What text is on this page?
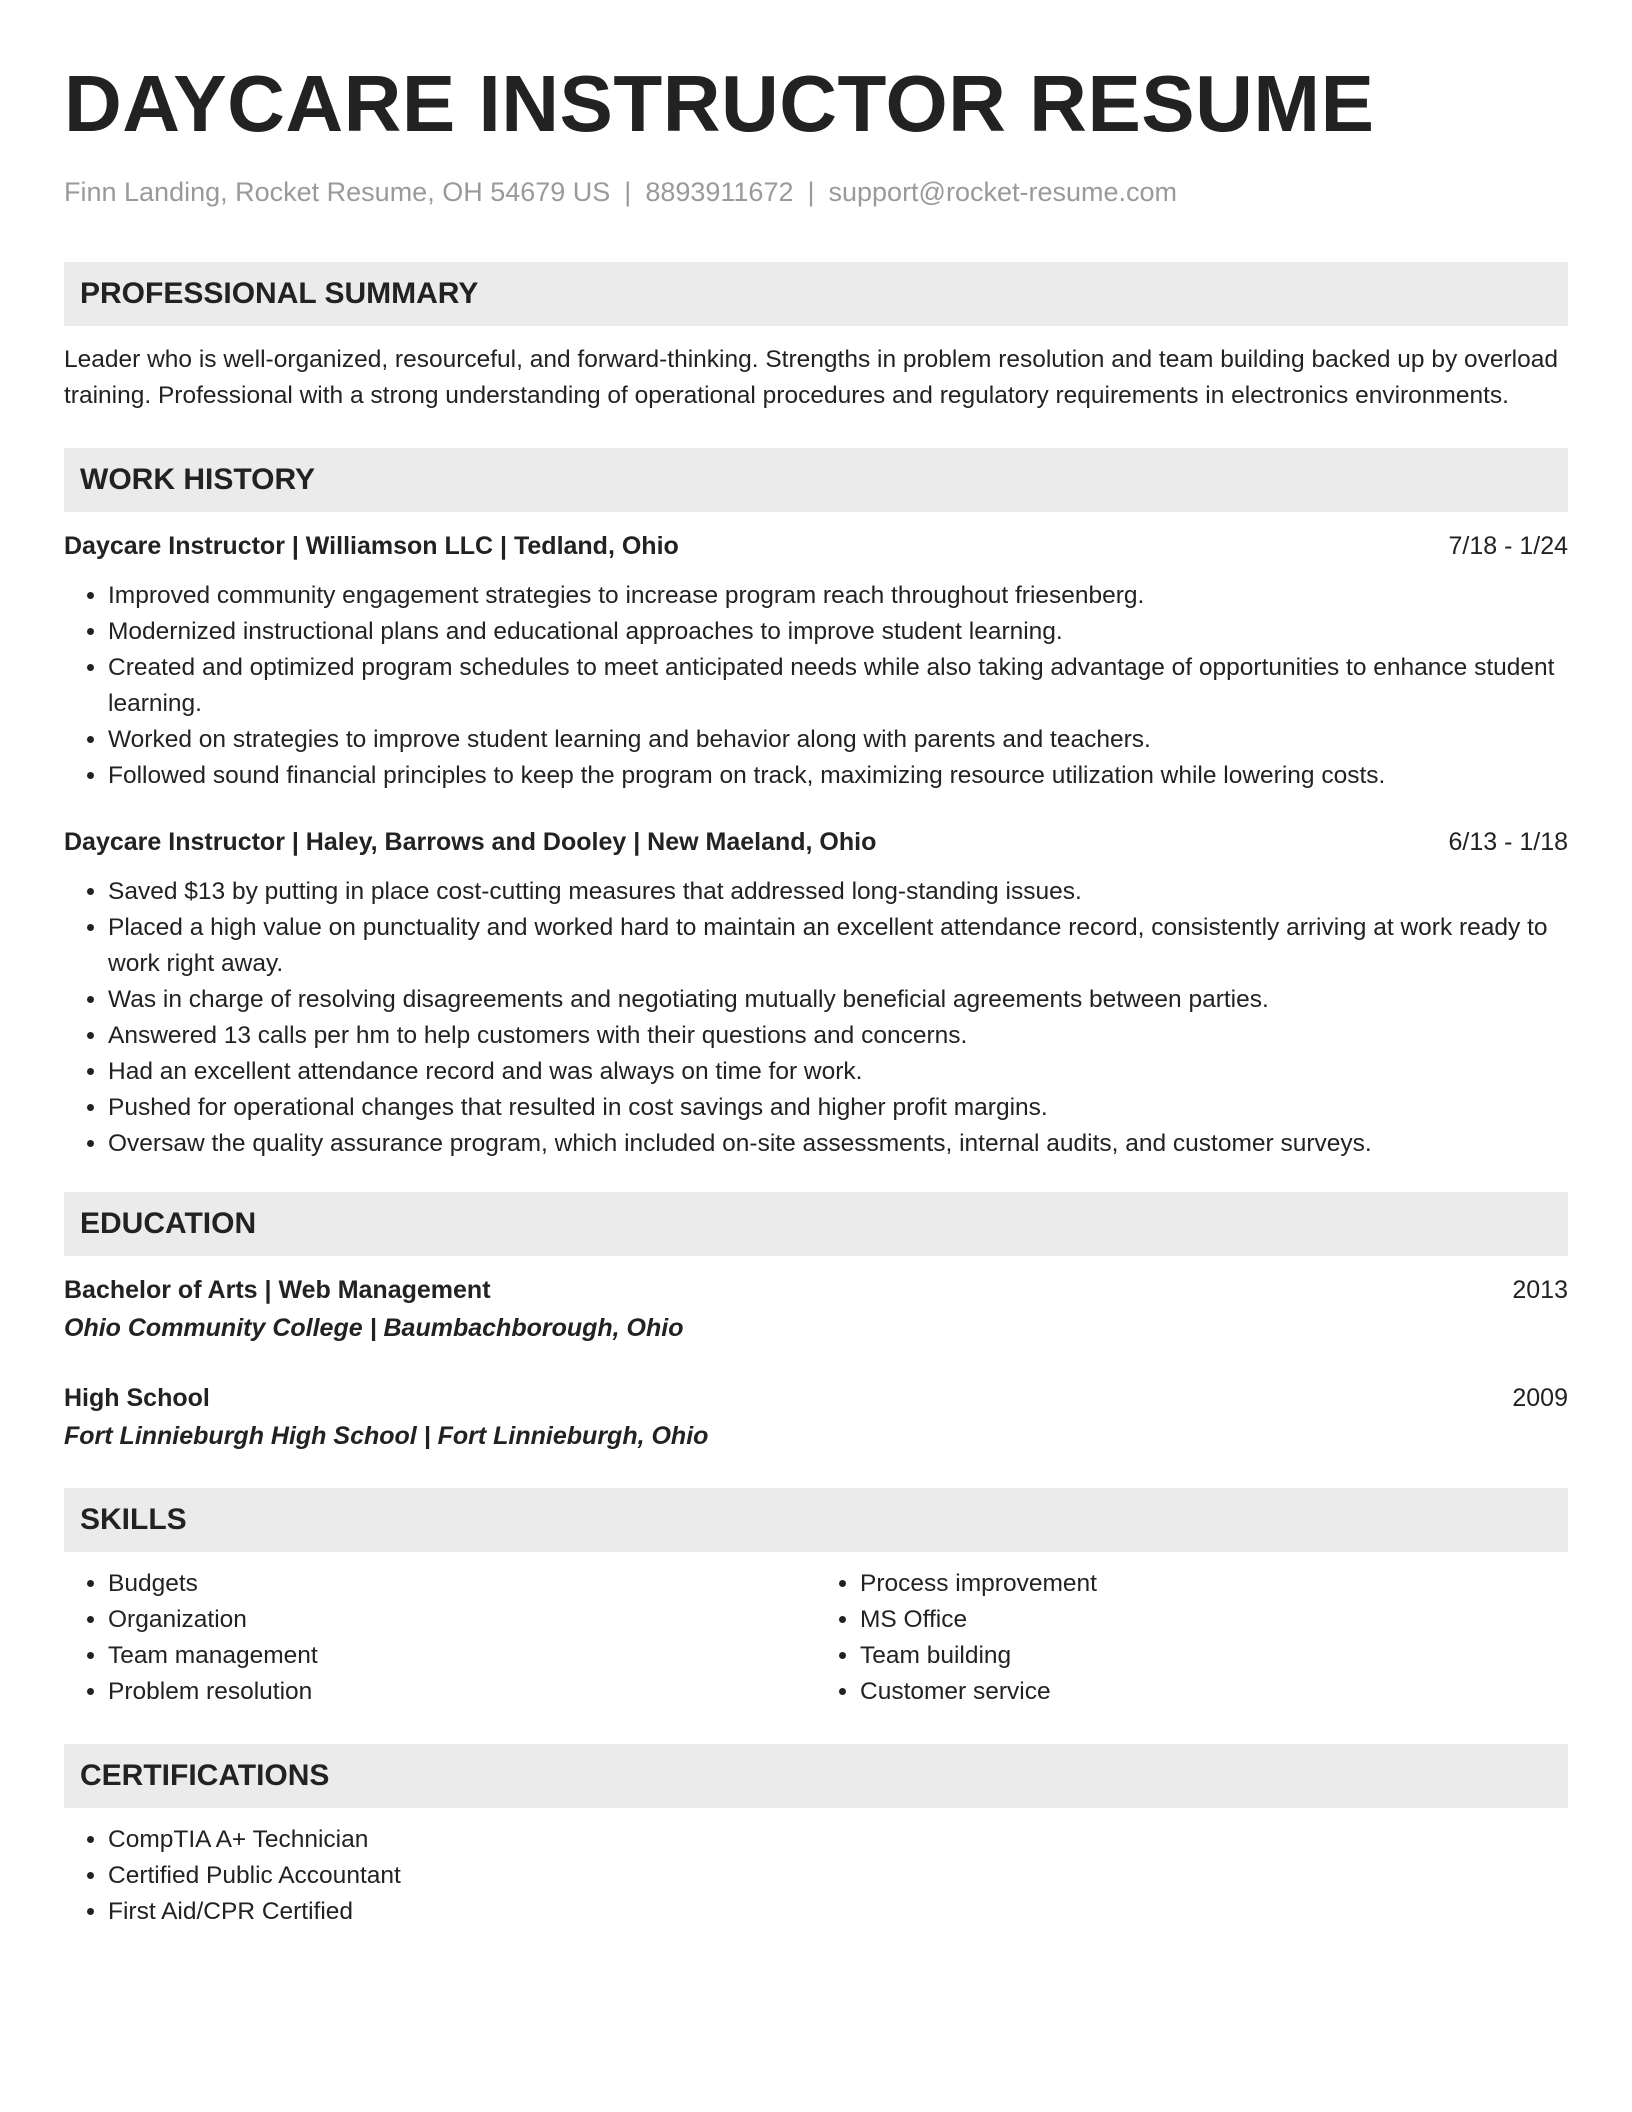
DAYCARE INSTRUCTOR RESUME
Finn Landing, Rocket Resume, OH 54679 US | 8893911672 | support@rocket-resume.com
PROFESSIONAL SUMMARY

Leader who is well-organized, resourceful, and forward-thinking. Strengths in problem resolution and team building backed up by overload training. Professional with a strong understanding of operational procedures and regulatory requirements in electronics environments.

WORK HISTORY
Daycare Instructor | Williamson LLC | Tedland, Ohio	7/18 - 1/24
• Improved community engagement strategies to increase program reach throughout friesenberg.
• Modernized instructional plans and educational approaches to improve student learning.
• Created and optimized program schedules to meet anticipated needs while also taking advantage of opportunities to enhance student learning.
• Worked on strategies to improve student learning and behavior along with parents and teachers.
• Followed sound financial principles to keep the program on track, maximizing resource utilization while lowering costs.
Daycare Instructor | Haley, Barrows and Dooley | New Maeland, Ohio	6/13 - 1/18
• Saved $13 by putting in place cost-cutting measures that addressed long-standing issues.
• Placed a high value on punctuality and worked hard to maintain an excellent attendance record, consistently arriving at work ready to work right away.
• Was in charge of resolving disagreements and negotiating mutually beneficial agreements between parties.
• Answered 13 calls per hm to help customers with their questions and concerns.
• Had an excellent attendance record and was always on time for work.
• Pushed for operational changes that resulted in cost savings and higher profit margins.
• Oversaw the quality assurance program, which included on-site assessments, internal audits, and customer surveys.
EDUCATION
Bachelor of Arts | Web Management	2013
Ohio Community College | Baumbachborough, Ohio
High School	2009
Fort Linnieburgh High School | Fort Linnieburgh, Ohio
SKILLS
• Budgets
• Organization
• Team management
• Problem resolution
• Process improvement
• MS Office
• Team building
• Customer service
CERTIFICATIONS
• CompTIA A+ Technician
• Certified Public Accountant
• First Aid/CPR Certified
